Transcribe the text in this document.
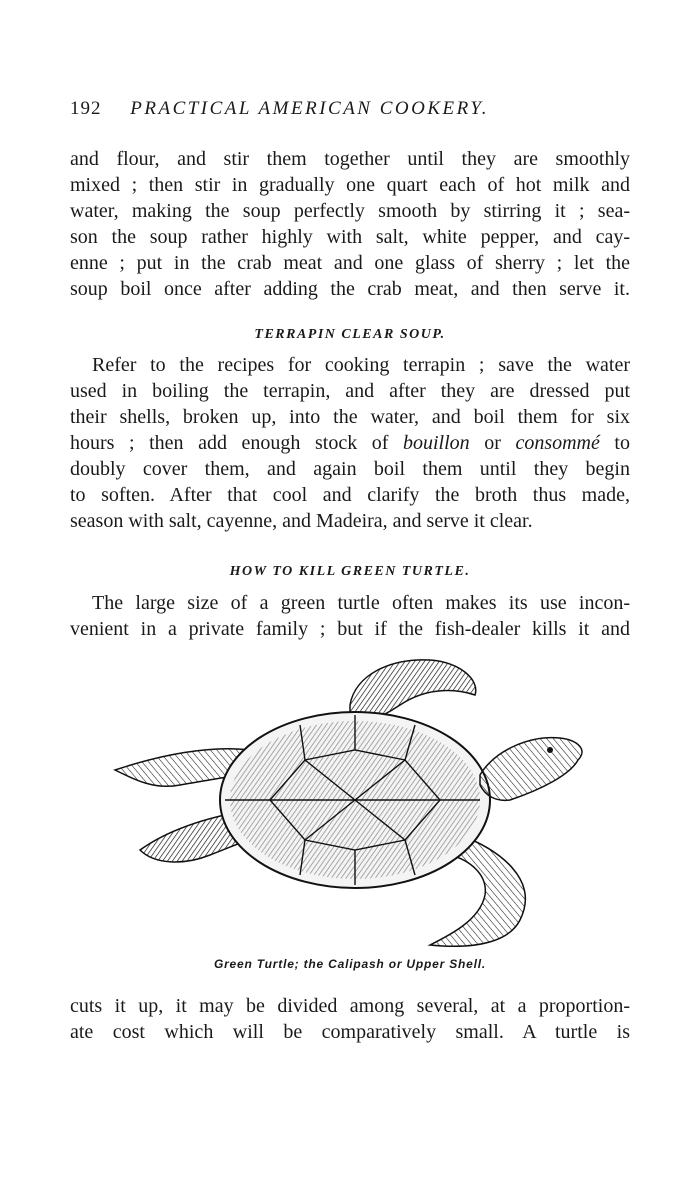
192 PRACTICAL AMERICAN COOKERY.
and flour, and stir them together until they are smoothly
mixed ; then stir in gradually one quart each of hot milk and
water, making the soup perfectly smooth by stirring it ; sea-
son the soup rather highly with salt, white pepper, and cay-
enne ; put in the crab meat and one glass of sherry ; let the
soup boil once after adding the crab meat, and then serve it.
TERRAPIN CLEAR SOUP.
Refer to the recipes for cooking terrapin ; save the water
used in boiling the terrapin, and after they are dressed put
their shells, broken up, into the water, and boil them for six
hours ; then add enough stock of bouillon or consommé to
doubly cover them, and again boil them until they begin
to soften. After that cool and clarify the broth thus made,
season with salt, cayenne, and Madeira, and serve it clear.
HOW TO KILL GREEN TURTLE.
The large size of a green turtle often makes its use incon-
venient in a private family ; but if the fish-dealer kills it and
Green Turtle; the Calipash or Upper Shell.
cuts it up, it may be divided among several, at a proportion-
ate cost which will be comparatively small. A turtle is
